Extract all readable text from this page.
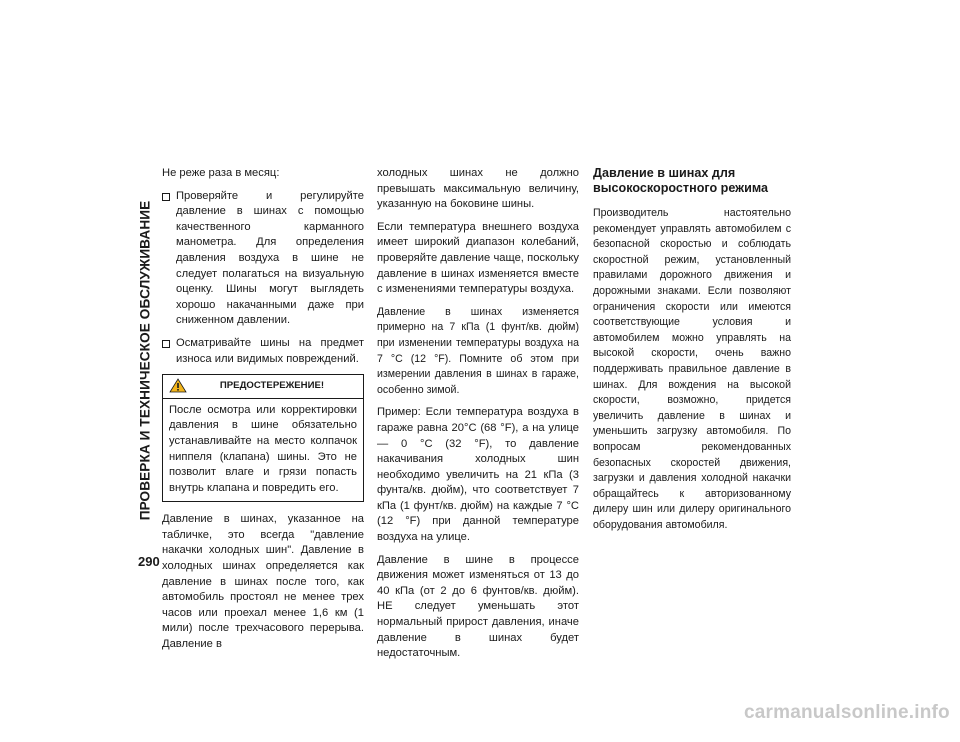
ПРОВЕРКА И ТЕХНИЧЕСКОЕ ОБСЛУЖИВАНИЕ
290

Не реже раза в месяц:

Проверяйте и регулируйте давление в шинах с помощью качественного карманного манометра. Для определения давления воздуха в шине не следует полагаться на визуальную оценку. Шины могут выглядеть хорошо накачанными даже при сниженном давлении.
Осматривайте шины на предмет износа или видимых повреждений.
ПРЕДОСТЕРЕЖЕНИЕ!
После осмотра или корректировки давления в шине обязательно устанавливайте на место колпачок ниппеля (клапана) шины. Это не позволит влаге и грязи попасть внутрь клапана и повредить его.

Давление в шинах, указанное на табличке, это всегда "давление накачки холодных шин". Давление в холодных шинах определяется как давление в шинах после того, как автомобиль простоял не менее трех часов или проехал менее 1,6 км (1 мили) после трехчасового перерыва. Давление в

холодных шинах не должно превышать максимальную величину, указанную на боковине шины.

Если температура внешнего воздуха имеет широкий диапазон колебаний, проверяйте давление чаще, поскольку давление в шинах изменяется вместе с изменениями температуры воздуха.

Давление в шинах изменяется примерно на 7 кПа (1 фунт/кв. дюйм) при изменении температуры воздуха на 7 °C (12 °F). Помните об этом при измерении давления в шинах в гараже, особенно зимой.

Пример: Если температура воздуха в гараже равна 20°C (68 °F), а на улице — 0 °C (32 °F), то давление накачивания холодных шин необходимо увеличить на 21 кПа (3 фунта/кв. дюйм), что соответствует 7 кПа (1 фунт/кв. дюйм) на каждые 7 °C (12 °F) при данной температуре воздуха на улице.

Давление в шине в процессе движения может изменяться от 13 до 40 кПа (от 2 до 6 фунтов/кв. дюйм). НЕ следует уменьшать этот нормальный прирост давления, иначе давление в шинах будет недостаточным.

Давление в шинах для высокоскоростного режима

Производитель настоятельно рекомендует управлять автомобилем с безопасной скоростью и соблюдать скоростной режим, установленный правилами дорожного движения и дорожными знаками. Если позволяют ограничения скорости или имеются соответствующие условия и автомобилем можно управлять на высокой скорости, очень важно поддерживать правильное давление в шинах. Для вождения на высокой скорости, возможно, придется увеличить давление в шинах и уменьшить загрузку автомобиля. По вопросам рекомендованных безопасных скоростей движения, загрузки и давления холодной накачки обращайтесь к авторизованному дилеру шин или дилеру оригинального оборудования автомобиля.

carmanualsonline.info
